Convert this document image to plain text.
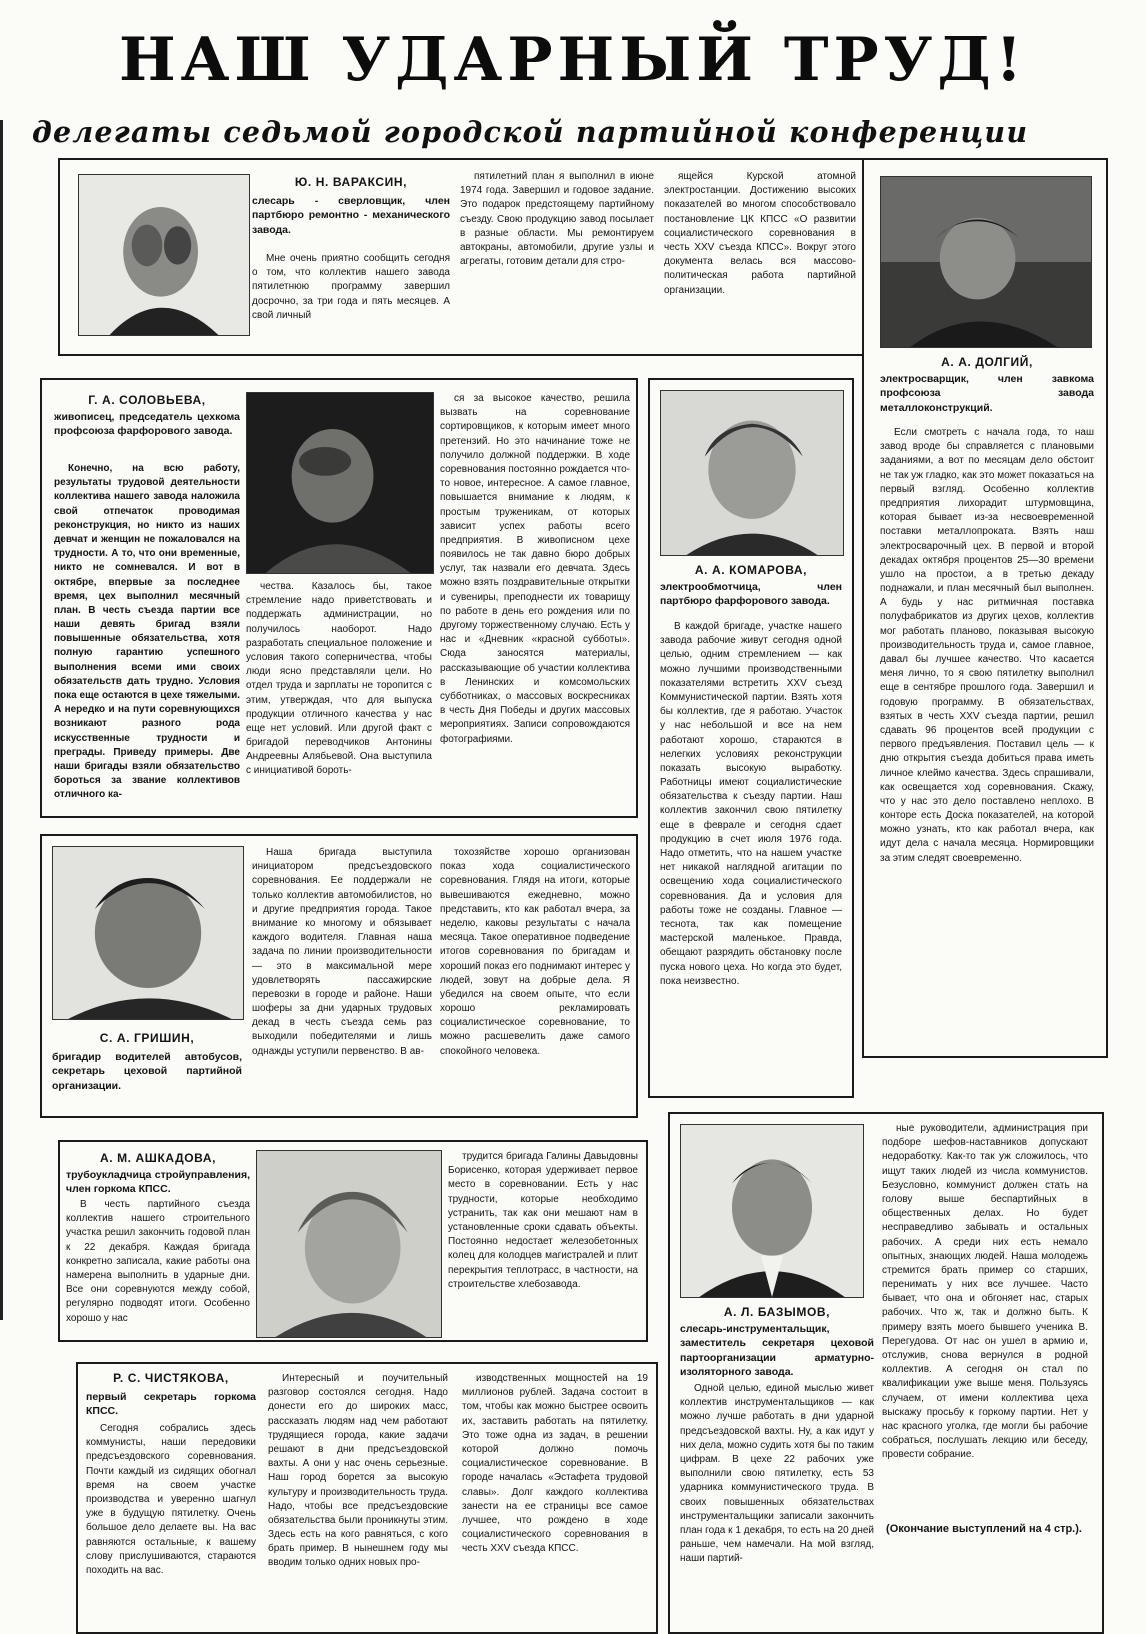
НАШ УДАРНЫЙ ТРУД!
делегаты седьмой городской партийной конференции
Ю. Н. ВАРАКСИН,
слесарь - сверловщик, член партбюро ремонтно - механического завода.

Мне очень приятно сообщить сегодня о том, что коллектив нашего завода пятилетнюю программу завершил досрочно, за три года и пять месяцев. А свой личный

пятилетний план я выполнил в июне 1974 года. Завершил и годовое задание. Это подарок предстоящему партийному съезду. Свою продукцию завод посылает в разные области. Мы ремонтируем автокраны, автомобили, другие узлы и агрегаты, готовим детали для стро-

ящейся Курской атомной электростанции. Достижению высоких показателей во многом способствовало постановление ЦК КПСС «О развитии социалистического соревнования в честь XXV съезда КПСС». Вокруг этого документа велась вся массово-политическая работа партийной организации.

Г. А. СОЛОВЬЕВА,
живописец, председатель цехкома профсоюза фарфорового завода.

Конечно, на всю работу, результаты трудовой деятельности коллектива нашего завода наложила свой отпечаток проводимая реконструкция, но никто из наших девчат и женщин не пожаловался на трудности. А то, что они временные, никто не сомневался. И вот в октябре, впервые за последнее время, цех выполнил месячный план. В честь съезда партии все наши девять бригад взяли повышенные обязательства, хотя полную гарантию успешного выполнения всеми ими своих обязательств дать трудно. Условия пока еще остаются в цехе тяжелыми. А нередко и на пути соревнующихся возникают разного рода искусственные трудности и преграды. Приведу примеры. Две наши бригады взяли обязательство бороться за звание коллективов отличного ка-

чества. Казалось бы, такое стремление надо приветствовать и поддержать администрации, но получилось наоборот. Надо разработать специальное положение и условия такого соперничества, чтобы люди ясно представляли цели. Но отдел труда и зарплаты не торопится с этим, утверждая, что для выпуска продукции отличного качества у нас еще нет условий. Или другой факт с бригадой переводчиков Антонины Андреевны Алябьевой. Она выступила с инициативой бороть-

ся за высокое качество, решила вызвать на соревнование сортировщиков, к которым имеет много претензий. Но это начинание тоже не получило должной поддержки. В ходе соревнования постоянно рождается что-то новое, интересное. А самое главное, повышается внимание к людям, к простым труженикам, от которых зависит успех работы всего предприятия. В живописном цехе появилось не так давно бюро добрых услуг, так назвали его девчата. Здесь можно взять поздравительные открытки и сувениры, преподнести их товарищу по работе в день его рождения или по другому торжественному случаю. Есть у нас и «Дневник «красной субботы». Сюда заносятся материалы, рассказывающие об участии коллектива в Ленинских и комсомольских субботниках, о массовых воскресниках в честь Дня Победы и других массовых мероприятиях. Записи сопровождаются фотографиями.

А. А. КОМАРОВА,
электрообмотчица, член партбюро фарфорового завода.

В каждой бригаде, участке нашего завода рабочие живут сегодня одной целью, одним стремлением — как можно лучшими производственными показателями встретить XXV съезд Коммунистической партии. Взять хотя бы коллектив, где я работаю. Участок у нас небольшой и все на нем работают хорошо, стараются в нелегких условиях реконструкции показать высокую выработку. Работницы имеют социалистические обязательства к съезду партии. Наш коллектив закончил свою пятилетку еще в феврале и сегодня сдает продукцию в счет июля 1976 года. Надо отметить, что на нашем участке нет никакой наглядной агитации по освещению хода социалистического соревнования. Да и условия для работы тоже не созданы. Главное —теснота, так как помещение мастерской маленькое. Правда, обещают разрядить обстановку после пуска нового цеха. Но когда это будет, пока неизвестно.

А. А. ДОЛГИЙ,
электросварщик, член завкома профсоюза завода металлоконструкций.

Если смотреть с начала года, то наш завод вроде бы справляется с плановыми заданиями, а вот по месяцам дело обстоит не так уж гладко, как это может показаться на первый взгляд. Особенно коллектив предприятия лихорадит штурмовщина, которая бывает из-за несвоевременной поставки металлопроката. Взять наш электросварочный цех. В первой и второй декадах октября процентов 25—30 времени ушло на простои, а в третью декаду поднажали, и план месячный был выполнен. А будь у нас ритмичная поставка полуфабрикатов из других цехов, коллектив мог работать планово, показывая высокую производительность труда и, самое главное, давал бы лучшее качество. Что касается меня лично, то я свою пятилетку выполнил еще в сентябре прошлого года. Завершил и годовую программу. В обязательствах, взятых в честь XXV съезда партии, решил сдавать 96 процентов всей продукции с первого предъявления. Поставил цель — к дню открытия съезда добиться права иметь личное клеймо качества. Здесь спрашивали, как освещается ход соревнования. Скажу, что у нас это дело поставлено неплохо. В конторе есть Доска показателей, на которой можно узнать, кто как работал вчера, как идут дела с начала месяца. Нормировщики за этим следят своевременно.

С. А. ГРИШИН,
бригадир водителей автобусов, секретарь цеховой партийной организации.

Наша бригада выступила инициатором предсъездовского соревнования. Ее поддержали не только коллектив автомобилистов, но и другие предприятия города. Такое внимание ко многому и обязывает каждого водителя. Главная наша задача по линии производительности — это в максимальной мере удовлетворять пассажирские перевозки в городе и районе. Наши шоферы за дни ударных трудовых декад в честь съезда семь раз выходили победителями и лишь однажды уступили первенство. В ав-

тохозяйстве хорошо организован показ хода социалистического соревнования. Глядя на итоги, которые вывешиваются ежедневно, можно представить, кто как работал вчера, за неделю, каковы результаты с начала месяца. Такое оперативное подведение итогов соревнования по бригадам и хороший показ его поднимают интерес у людей, зовут на добрые дела. Я убедился на своем опыте, что если хорошо рекламировать социалистическое соревнование, то можно расшевелить даже самого спокойного человека.

А. М. АШКАДОВА,
трубоукладчица стройуправления, член горкома КПСС.

В честь партийного съезда коллектив нашего строительного участка решил закончить годовой план к 22 декабря. Каждая бригада конкретно записала, какие работы она намерена выполнить в ударные дни. Все они соревнуются между собой, регулярно подводят итоги. Особенно хорошо у нас

трудится бригада Галины Давыдовны Борисенко, которая удерживает первое место в соревновании. Есть у нас трудности, которые необходимо устранить, так как они мешают нам в установленные сроки сдавать объекты. Постоянно недостает железобетонных колец для колодцев магистралей и плит перекрытия теплотрасс, в частности, на строительстве хлебозавода.

Р. С. ЧИСТЯКОВА,
первый секретарь горкома КПСС.

Сегодня собрались здесь коммунисты, наши передовики предсъездовского соревнования. Почти каждый из сидящих обогнал время на своем участке производства и уверенно шагнул уже в будущую пятилетку. Очень большое дело делаете вы. На вас равняются остальные, к вашему слову прислушиваются, стараются походить на вас.

Интересный и поучительный разговор состоялся сегодня. Надо донести его до широких масс, рассказать людям над чем работают трудящиеся города, какие задачи решают в дни предсъездовской вахты. А они у нас очень серьезные. Наш город борется за высокую культуру и производительность труда. Надо, чтобы все предсъездовские обязательства были проникнуты этим. Здесь есть на кого равняться, с кого брать пример. В нынешнем году мы вводим только одних новых про-

изводственных мощностей на 19 миллионов рублей. Задача состоит в том, чтобы как можно быстрее освоить их, заставить работать на пятилетку. Это тоже одна из задач, в решении которой должно помочь социалистическое соревнование. В городе началась «Эстафета трудовой славы». Долг каждого коллектива занести на ее страницы все самое лучшее, что рождено в ходе социалистического соревнования в честь XXV съезда КПСС.

А. Л. БАЗЫМОВ,
слесарь-инструментальщик, заместитель секретаря цеховой партоорганизации арматурно-изоляторного завода.

Одной целью, единой мыслью живет коллектив инструментальщиков — как можно лучше работать в дни ударной предсъездовской вахты. Ну, а как идут у них дела, можно судить хотя бы по таким цифрам. В цехе 22 рабочих уже выполнили свою пятилетку, есть 53 ударника коммунистического труда. В своих повышенных обязательствах инструментальщики записали закончить план года к 1 декабря, то есть на 20 дней раньше, чем намечали. На мой взгляд, наши партий-

ные руководители, администрация при подборе шефов-наставников допускают недоработку. Как-то так уж сложилось, что ищут таких людей из числа коммунистов. Безусловно, коммунист должен стать на голову выше беспартийных в общественных делах. Но будет несправедливо забывать и остальных рабочих. А среди них есть немало опытных, знающих людей. Наша молодежь стремится брать пример со старших, перенимать у них все лучшее. Часто бывает, что она и обгоняет нас, старых рабочих. Что ж, так и должно быть. К примеру взять моего бывшего ученика В. Перегудова. От нас он ушел в армию и, отслужив, снова вернулся в родной коллектив. А сегодня он стал по квалификации уже выше меня. Пользуясь случаем, от имени коллектива цеха выскажу просьбу к горкому партии. Нет у нас красного уголка, где могли бы рабочие собраться, послушать лекцию или беседу, провести собрание.

(Окончание выступлений на 4 стр.).
